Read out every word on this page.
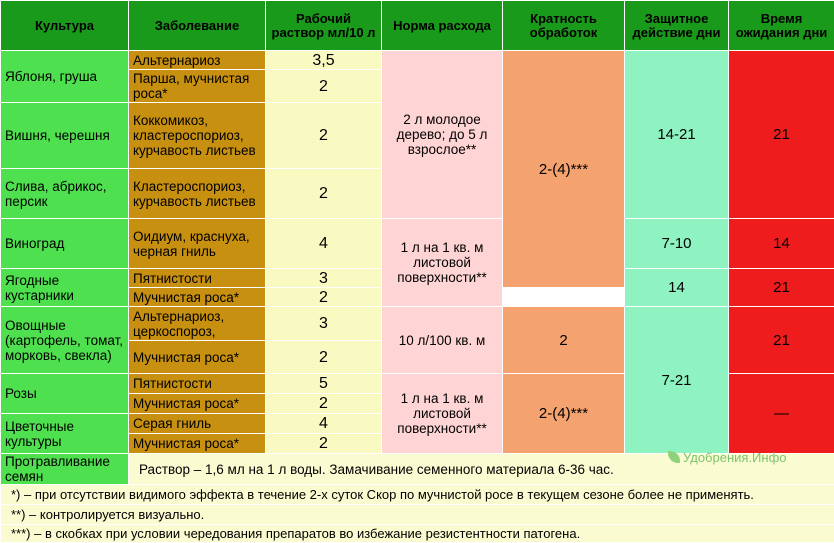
Культура	Заболевание	Рабочий раствор мл/10 л	Норма расхода	Кратность обработок	Защитное действие дни	Время ожидания дни
Яблоня, груша	Альтернариоз	3,5	2 л молодое дерево; до 5 л взрослое**	2-(4)***	14-21	21
	Парша, мучнистая роса*	2				
Вишня, черешня	Коккомикоз, кластероспориоз, курчавость листьев	2				
Слива, абрикос, персик	Кластероспориоз, курчавость листьев	2				
Виноград	Оидиум, краснуха, черная гниль	4	1 л на 1 кв. м листовой поверхности**		7-10	14
Ягодные кустарники	Пятнистости	3			14	21
	Мучнистая роса*	2				
Овощные (картофель, томат, морковь, свекла)	Альтернариоз, церкоспороз,	3	10 л/100 кв. м	2	7-21	21
	Мучнистая роса*	2				
Розы	Пятнистости	5	1 л на 1 кв. м листовой поверхности**	2-(4)***		—
	Мучнистая роса*	2				
Цветочные культуры	Серая гниль	4				
	Мучнистая роса*	2				
Протравливание семян	Раствор – 1,6 мл на 1 л воды. Замачивание семенного материала 6-36 час.					
*) – при отсутствии видимого эффекта в течение 2-х суток Скор по мучнистой росе в текущем сезоне более не применять.						
**) – контролируется визуально.						
***) – в скобках при условии чередования препаратов во избежание резистентности патогена.						
Удобрения.Инфо
